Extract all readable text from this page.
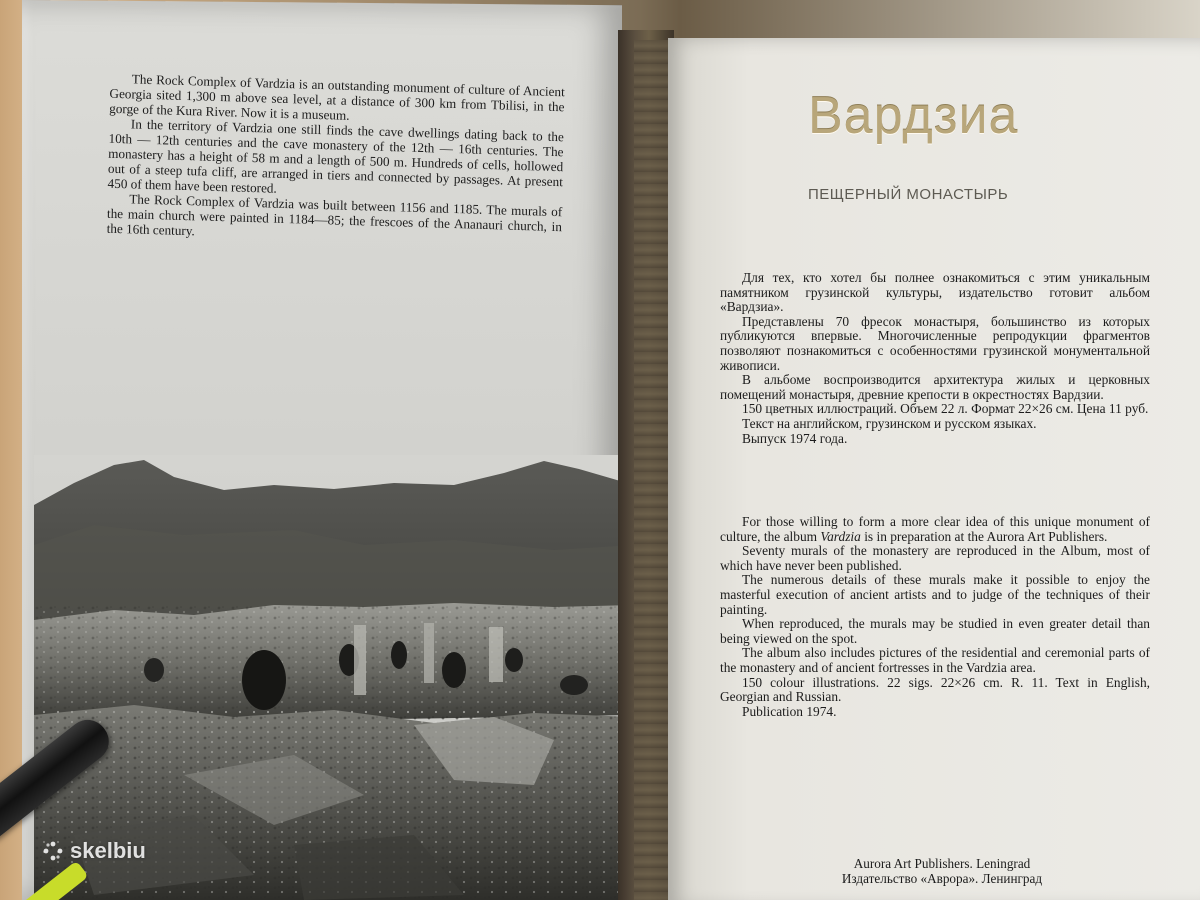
The Rock Complex of Vardzia is an outstanding monument of culture of Ancient Georgia sited 1,300 m above sea level, at a distance of 300 km from Tbilisi, in the gorge of the Kura River. Now it is a museum.

In the territory of Vardzia one still finds the cave dwellings dating back to the 10th — 12th centuries and the cave monastery of the 12th — 16th centuries. The monastery has a height of 58 m and a length of 500 m. Hundreds of cells, hollowed out of a steep tufa cliff, are arranged in tiers and connected by passages. At present 450 of them have been restored.

The Rock Complex of Vardzia was built between 1156 and 1185. The murals of the main church were painted in 1184—85; the frescoes of the Ananauri church, in the 16th century.

Вардзиа
ПЕЩЕРНЫЙ МОНАСТЫРЬ

Для тех, кто хотел бы полнее ознакомиться с этим уникальным памятником грузинской культуры, издательство готовит альбом «Вардзиа».

Представлены 70 фресок монастыря, большинство из которых публикуются впервые. Многочисленные репродукции фрагментов позволяют познакомиться с особенностями грузинской монументальной живописи.

В альбоме воспроизводится архитектура жилых и церковных помещений монастыря, древние крепости в окрестностях Вардзии.

150 цветных иллюстраций. Объем 22 л. Формат 22×26 см. Цена 11 руб.

Текст на английском, грузинском и русском языках.

Выпуск 1974 года.

For those willing to form a more clear idea of this unique monument of culture, the album Vardzia is in preparation at the Aurora Art Publishers.

Seventy murals of the monastery are reproduced in the Album, most of which have never been published.

The numerous details of these murals make it possible to enjoy the masterful execution of ancient artists and to judge of the techniques of their painting.

When reproduced, the murals may be studied in even greater detail than being viewed on the spot.

The album also includes pictures of the residential and ceremonial parts of the monastery and of ancient fortresses in the Vardzia area.

150 colour illustrations. 22 sigs. 22×26 cm. R. 11. Text in English, Georgian and Russian.

Publication 1974.

Aurora Art Publishers. Leningrad
Издательство «Аврора». Ленинград
skelbiu
